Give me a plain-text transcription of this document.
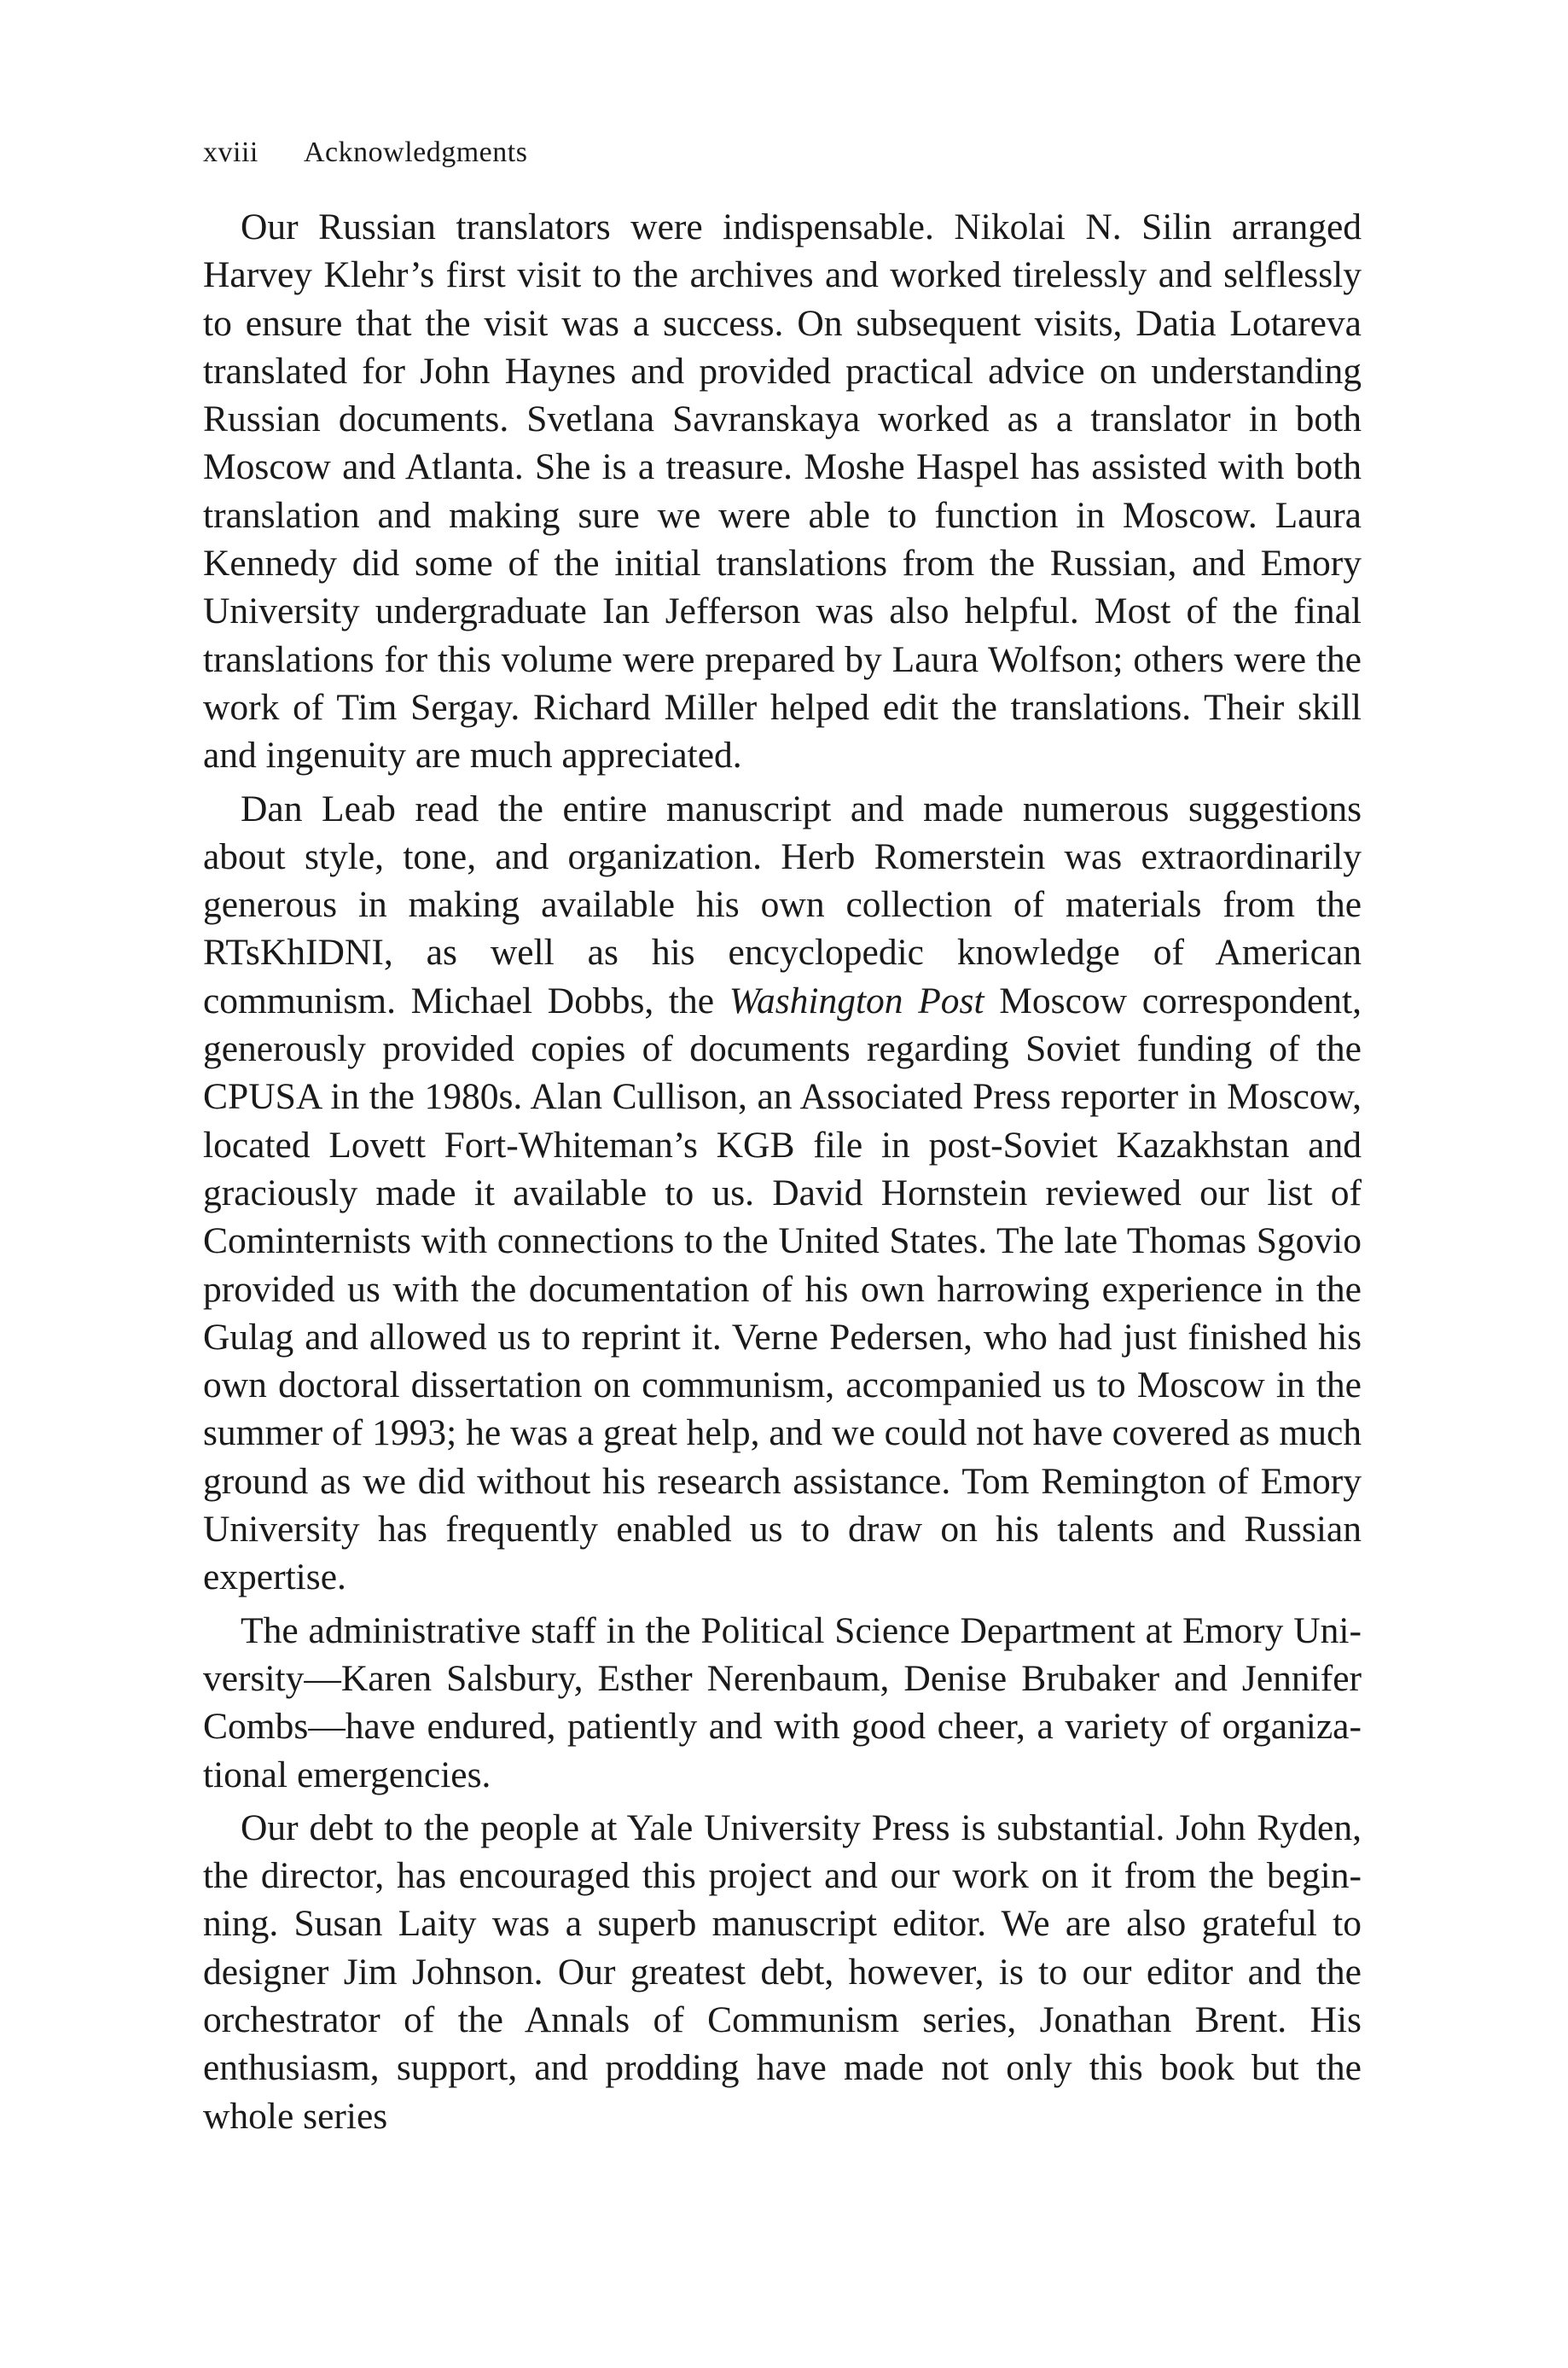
xviii Acknowledgments

Our Russian translators were indispensable. Nikolai N. Silin arranged Harvey Klehr’s first visit to the archives and worked tirelessly and selflessly to ensure that the visit was a success. On subsequent visits, Datia Lotareva translated for John Haynes and provided practical advice on understanding Russian documents. Svetlana Savranskaya worked as a translator in both Moscow and Atlanta. She is a treasure. Moshe Haspel has assisted with both translation and making sure we were able to function in Moscow. Laura Kennedy did some of the initial translations from the Russian, and Emory University undergraduate Ian Jefferson was also helpful. Most of the final translations for this volume were prepared by Laura Wolfson; others were the work of Tim Sergay. Richard Miller helped edit the translations. Their skill and ingenuity are much appreciated.

Dan Leab read the entire manuscript and made numerous suggestions about style, tone, and organization. Herb Romerstein was extraordinarily generous in making available his own collection of materials from the RTsKhIDNI, as well as his encyclopedic knowledge of American communism. Michael Dobbs, the Washington Post Moscow correspondent, generously provided copies of documents regarding Soviet funding of the CPUSA in the 1980s. Alan Cullison, an Associated Press reporter in Moscow, located Lovett Fort-Whiteman’s KGB file in post-Soviet Kazakhstan and graciously made it available to us. David Hornstein reviewed our list of Cominternists with connections to the United States. The late Thomas Sgovio provided us with the documentation of his own harrowing experience in the Gulag and allowed us to reprint it. Verne Pedersen, who had just finished his own doctoral dissertation on communism, accompanied us to Moscow in the summer of 1993; he was a great help, and we could not have covered as much ground as we did without his research assistance. Tom Remington of Emory University has frequently enabled us to draw on his talents and Russian expertise.

The administrative staff in the Political Science Department at Emory University—Karen Salsbury, Esther Nerenbaum, Denise Brubaker and Jennifer Combs—have endured, patiently and with good cheer, a variety of organizational emergencies.

Our debt to the people at Yale University Press is substantial. John Ryden, the director, has encouraged this project and our work on it from the beginning. Susan Laity was a superb manuscript editor. We are also grateful to designer Jim Johnson. Our greatest debt, however, is to our editor and the orchestrator of the Annals of Communism series, Jonathan Brent. His enthusiasm, support, and prodding have made not only this book but the whole series
